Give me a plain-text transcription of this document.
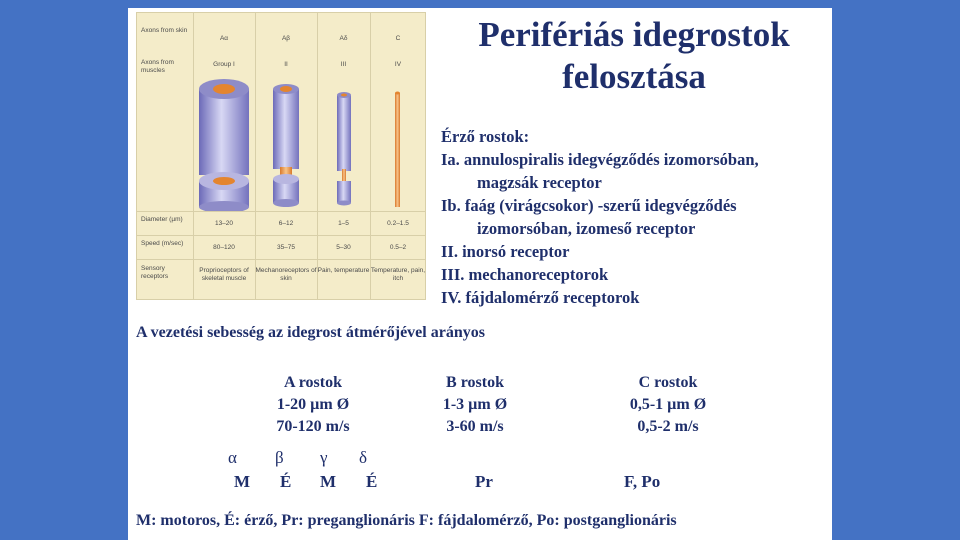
Axons from skin
Axons from muscles
Diameter (µm)
Speed (m/sec)
Sensory receptors
Aα
Group I
13–20
80–120
Proprioceptors of skeletal muscle
Aβ
II
6–12
35–75
Mechanoreceptors of skin
Aδ
III
1–5
5–30
Pain, temperature
C
IV
0.2–1.5
0.5–2
Temperature, pain, itch
Perifériás idegrostok
felosztása
Érző rostok:
Ia. annulospiralis idegvégződés izomorsóban,
magzsák receptor
Ib. faág (virágcsokor) -szerű idegvégződés
izomorsóban, izomeső receptor
II. inorsó receptor
III. mechanoreceptorok
IV. fájdalomérző receptorok
A vezetési sebesség az idegrost átmérőjével arányos
A rostok
1-20 µm Ø
70-120 m/s
B rostok
1-3 µm Ø
3-60 m/s
C rostok
0,5-1 µm Ø
0,5-2 m/s
α β γ δ
M É M É	Pr	F, Po
M: motoros, É: érző, Pr: preganglionáris F: fájdalomérző, Po: postganglionáris
